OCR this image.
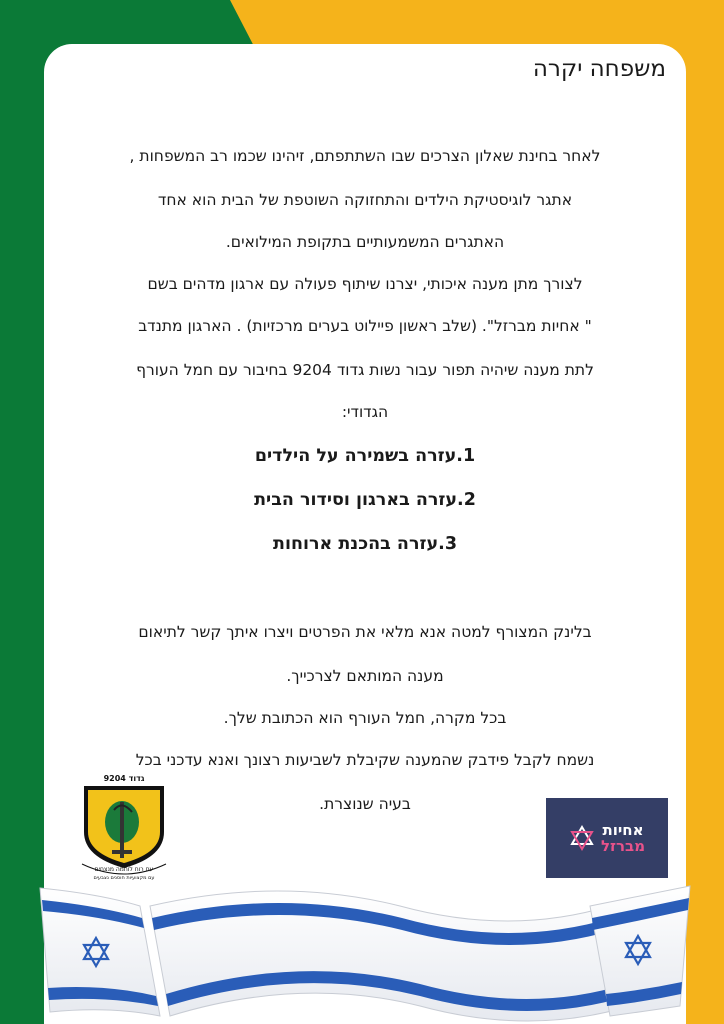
משפחה יקרה

לאחר בחינת שאלון הצרכים שבו השתתפתם, זיהינו שכמו רב המשפחות ,

אתגר לוגיסטיקת הילדים והתחזוקה השוטפת של הבית הוא אחד

האתגרים המשמעותיים בתקופת המילואים.

לצורך מתן מענה איכותי, יצרנו שיתוף פעולה עם ארגון מדהים בשם

" אחיות מברזל". (שלב ראשון פיילוט בערים מרכזיות) . הארגון מתנדב

לתת מענה שיהיה תפור עבור נשות גדוד 9204 בחיבור עם חמל העורף

הגדודי:

1.עזרה בשמירה על הילדים

2.עזרה בארגון וסידור הבית

3.עזרה בהכנת ארוחות

בלינק המצורף למטה אנא מלאי את הפרטים ויצרו איתך קשר לתיאום

מענה המותאם לצרכייך.

בכל מקרה, חמל העורף הוא הכתובת שלך.

נשמח לקבל פידבק שהמענה שקיבלת לשביעות רצונך ואנא עדכני בכל

בעיה שנוצרת.

גדוד 9204
עם רוח לוחמה מנצחים
עם מקצועיות חוסנים נצבעים
אחיות
מברזל
